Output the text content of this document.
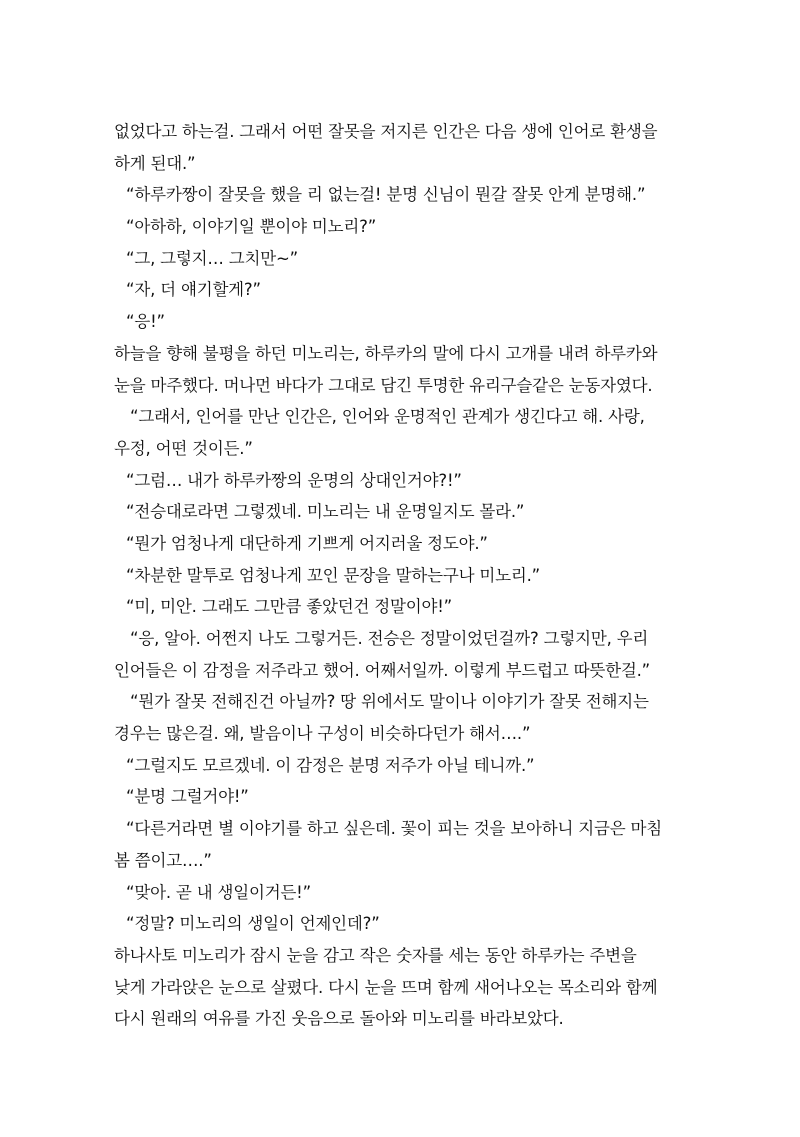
없었다고 하는걸. 그래서 어떤 잘못을 저지른 인간은 다음 생에 인어로 환생을
하게 된대.”
“하루카짱이 잘못을 했을 리 없는걸! 분명 신님이 뭔갈 잘못 안게 분명해.”
“아하하, 이야기일 뿐이야 미노리?”
“그, 그렇지… 그치만~”
“자, 더 얘기할게?”
“응!”
하늘을 향해 불평을 하던 미노리는, 하루카의 말에 다시 고개를 내려 하루카와
눈을 마주했다. 머나먼 바다가 그대로 담긴 투명한 유리구슬같은 눈동자였다.
“그래서, 인어를 만난 인간은, 인어와 운명적인 관계가 생긴다고 해. 사랑,
우정, 어떤 것이든.”
“그럼… 내가 하루카짱의 운명의 상대인거야?!”
“전승대로라면 그렇겠네. 미노리는 내 운명일지도 몰라.”
“뭔가 엄청나게 대단하게 기쁘게 어지러울 정도야.”
“차분한 말투로 엄청나게 꼬인 문장을 말하는구나 미노리.”
“미, 미안. 그래도 그만큼 좋았던건 정말이야!”
“응, 알아. 어쩐지 나도 그렇거든. 전승은 정말이었던걸까? 그렇지만, 우리
인어들은 이 감정을 저주라고 했어. 어째서일까. 이렇게 부드럽고 따뜻한걸.”
“뭔가 잘못 전해진건 아닐까? 땅 위에서도 말이나 이야기가 잘못 전해지는
경우는 많은걸. 왜, 발음이나 구성이 비슷하다던가 해서….”
“그럴지도 모르겠네. 이 감정은 분명 저주가 아닐 테니까.”
“분명 그럴거야!”
“다른거라면 별 이야기를 하고 싶은데. 꽃이 피는 것을 보아하니 지금은 마침
봄 쯤이고….”
“맞아. 곧 내 생일이거든!”
“정말? 미노리의 생일이 언제인데?”
하나사토 미노리가 잠시 눈을 감고 작은 숫자를 세는 동안 하루카는 주변을
낮게 가라앉은 눈으로 살폈다. 다시 눈을 뜨며 함께 새어나오는 목소리와 함께
다시 원래의 여유를 가진 웃음으로 돌아와 미노리를 바라보았다.
